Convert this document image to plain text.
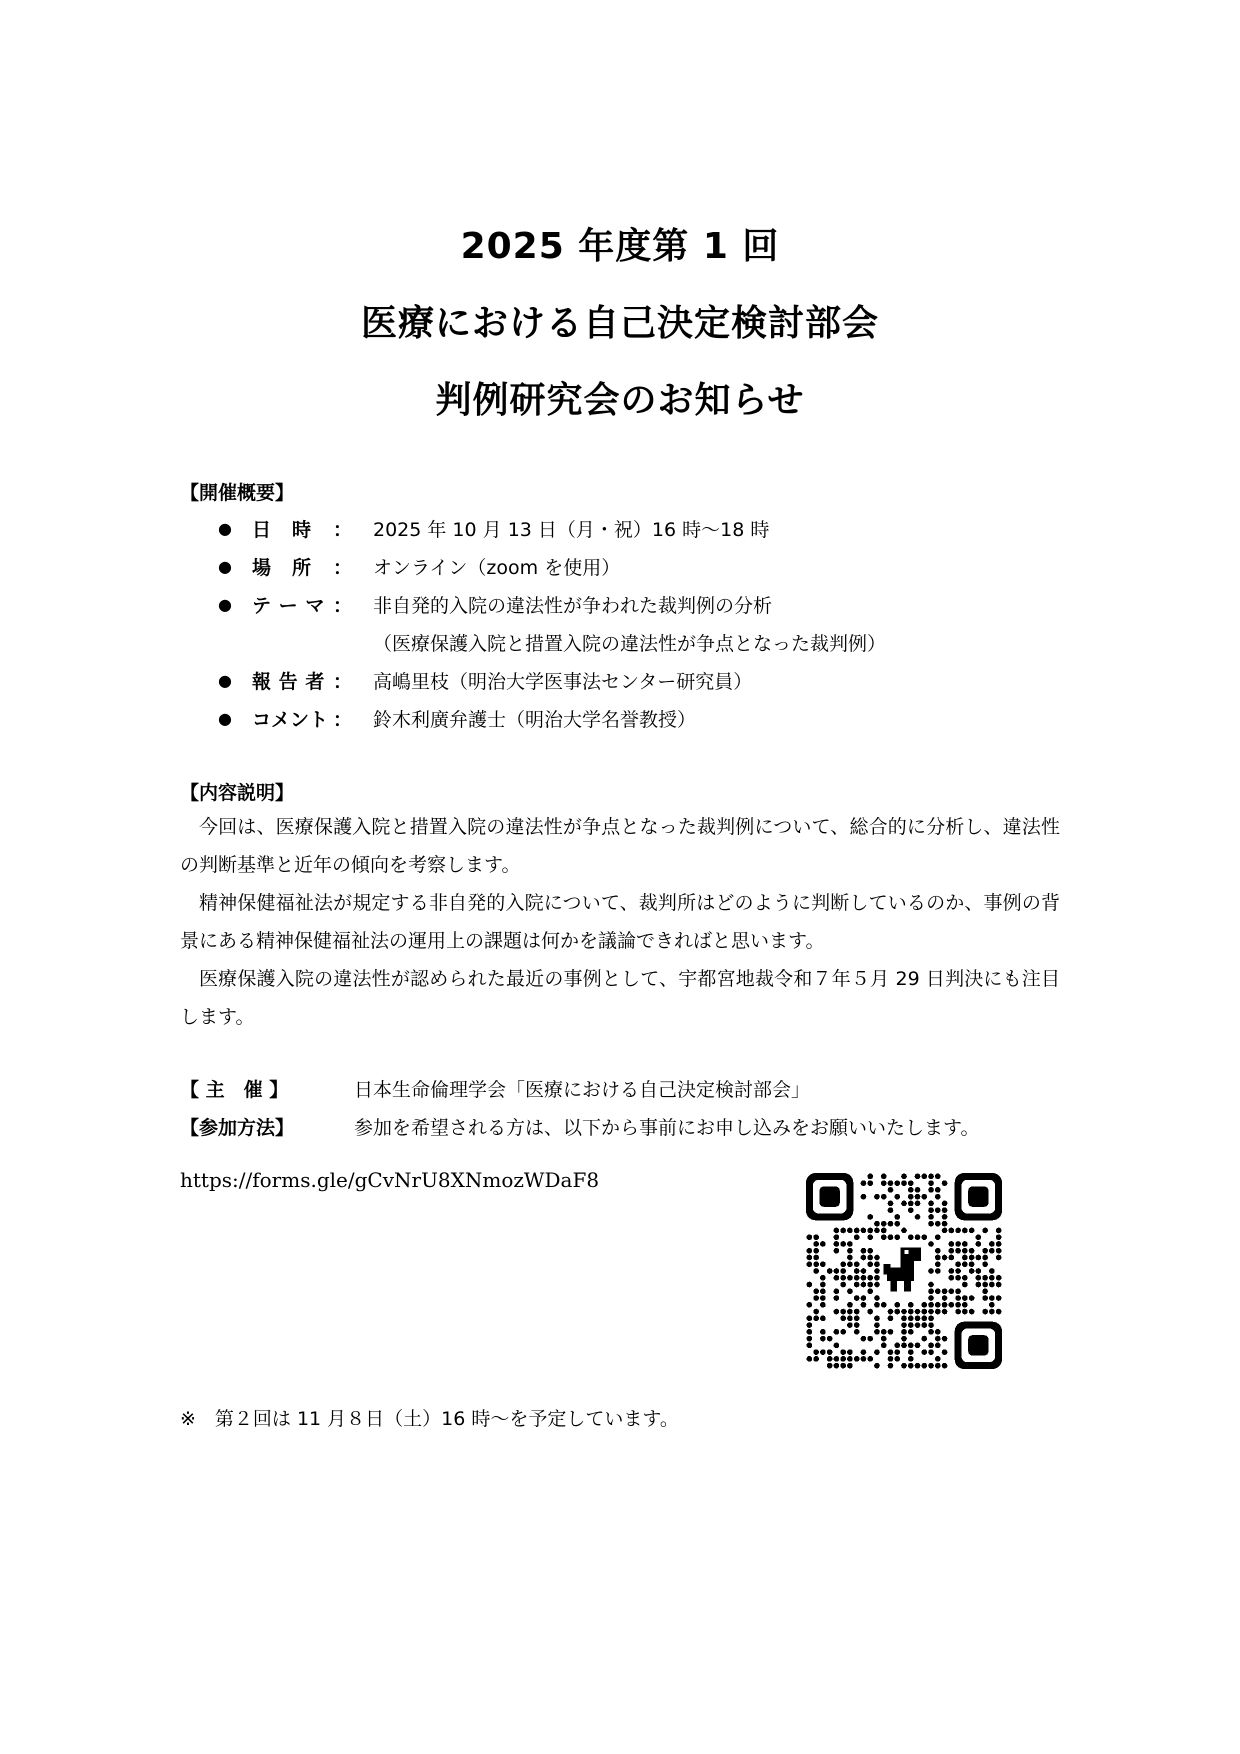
2025 年度第 1 回
医療における自己決定検討部会
判例研究会のお知らせ
【開催概要】
● 日 時 ： 2025 年 10 月 13 日（月・祝）16 時～18 時
● 場 所 ： オンライン（zoom を使用）
● テ ー マ ： 非自発的入院の違法性が争われた裁判例の分析
（医療保護入院と措置入院の違法性が争点となった裁判例）
● 報 告 者 ： 高嶋里枝（明治大学医事法センター研究員）
● コメント ： 鈴木利廣弁護士（明治大学名誉教授）
【内容説明】

今回は、医療保護入院と措置入院の違法性が争点となった裁判例について、総合的に分析し、違法性の判断基準と近年の傾向を考察します。

精神保健福祉法が規定する非自発的入院について、裁判所はどのように判断しているのか、事例の背景にある精神保健福祉法の運用上の課題は何かを議論できればと思います。

医療保護入院の違法性が認められた最近の事例として、宇都宮地裁令和７年５月 29 日判決にも注目します。

【 主　催 】	日本生命倫理学会「医療における自己決定検討部会」
【参加方法】	参加を希望される方は、以下から事前にお申し込みをお願いいたします。
https://forms.gle/gCvNrU8XNmozWDaF8
※　第２回は 11 月８日（土）16 時～を予定しています。
